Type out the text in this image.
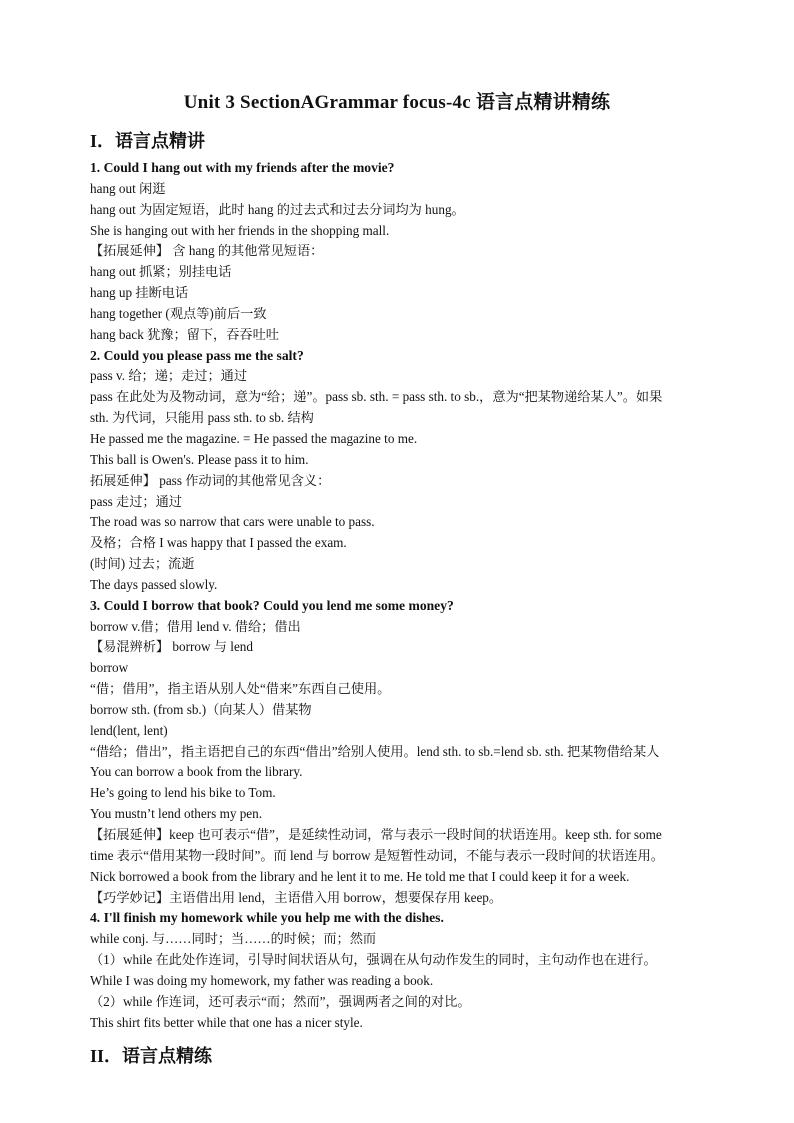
Unit 3 SectionAGrammar focus-4c 语言点精讲精练
I．语言点精讲
1. Could I hang out with my friends after the movie?
hang out 闲逛
hang out 为固定短语，此时 hang 的过去式和过去分词均为 hung。
She is hanging out with her friends in the shopping mall.
【拓展延伸】 含 hang 的其他常见短语：
hang out 抓紧；别挂电话
hang up 挂断电话
hang together (观点等)前后一致
hang back 犹豫；留下，吞吞吐吐
2. Could you please pass me the salt?
pass v. 给；递；走过；通过
pass 在此处为及物动词，意为“给；递”。pass sb. sth. = pass sth. to sb.，意为“把某物递给某人”。如果
sth. 为代词，只能用 pass sth. to sb. 结构
He passed me the magazine. = He passed the magazine to me.
This ball is Owen's. Please pass it to him.
拓展延伸】 pass 作动词的其他常见含义：
pass 走过；通过
The road was so narrow that cars were unable to pass.
及格；合格 I was happy that I passed the exam.
(时间) 过去；流逝
The days passed slowly.
3. Could I borrow that book? Could you lend me some money?
borrow v.借；借用 lend v. 借给；借出
【易混辨析】 borrow 与 lend
borrow
“借；借用”，指主语从别人处“借来”东西自己使用。
borrow sth. (from sb.)（向某人）借某物
lend(lent, lent)
“借给；借出”，指主语把自己的东西“借出”给别人使用。lend sth. to sb.=lend sb. sth. 把某物借给某人
You can borrow a book from the library.
He’s going to lend his bike to Tom.
You mustn’t lend others my pen.
【拓展延伸】keep 也可表示“借”，是延续性动词，常与表示一段时间的状语连用。keep sth. for some
time 表示“借用某物一段时间”。而 lend 与 borrow 是短暂性动词，不能与表示一段时间的状语连用。
Nick borrowed a book from the library and he lent it to me. He told me that I could keep it for a week.
【巧学妙记】主语借出用 lend，主语借入用 borrow，想要保存用 keep。
4. I'll finish my homework while you help me with the dishes.
while conj. 与……同时；当……的时候；而；然而
（1）while 在此处作连词，引导时间状语从句，强调在从句动作发生的同时，主句动作也在进行。
While I was doing my homework, my father was reading a book.
（2）while 作连词，还可表示“而；然而”，强调两者之间的对比。
This shirt fits better while that one has a nicer style.
II．语言点精练
